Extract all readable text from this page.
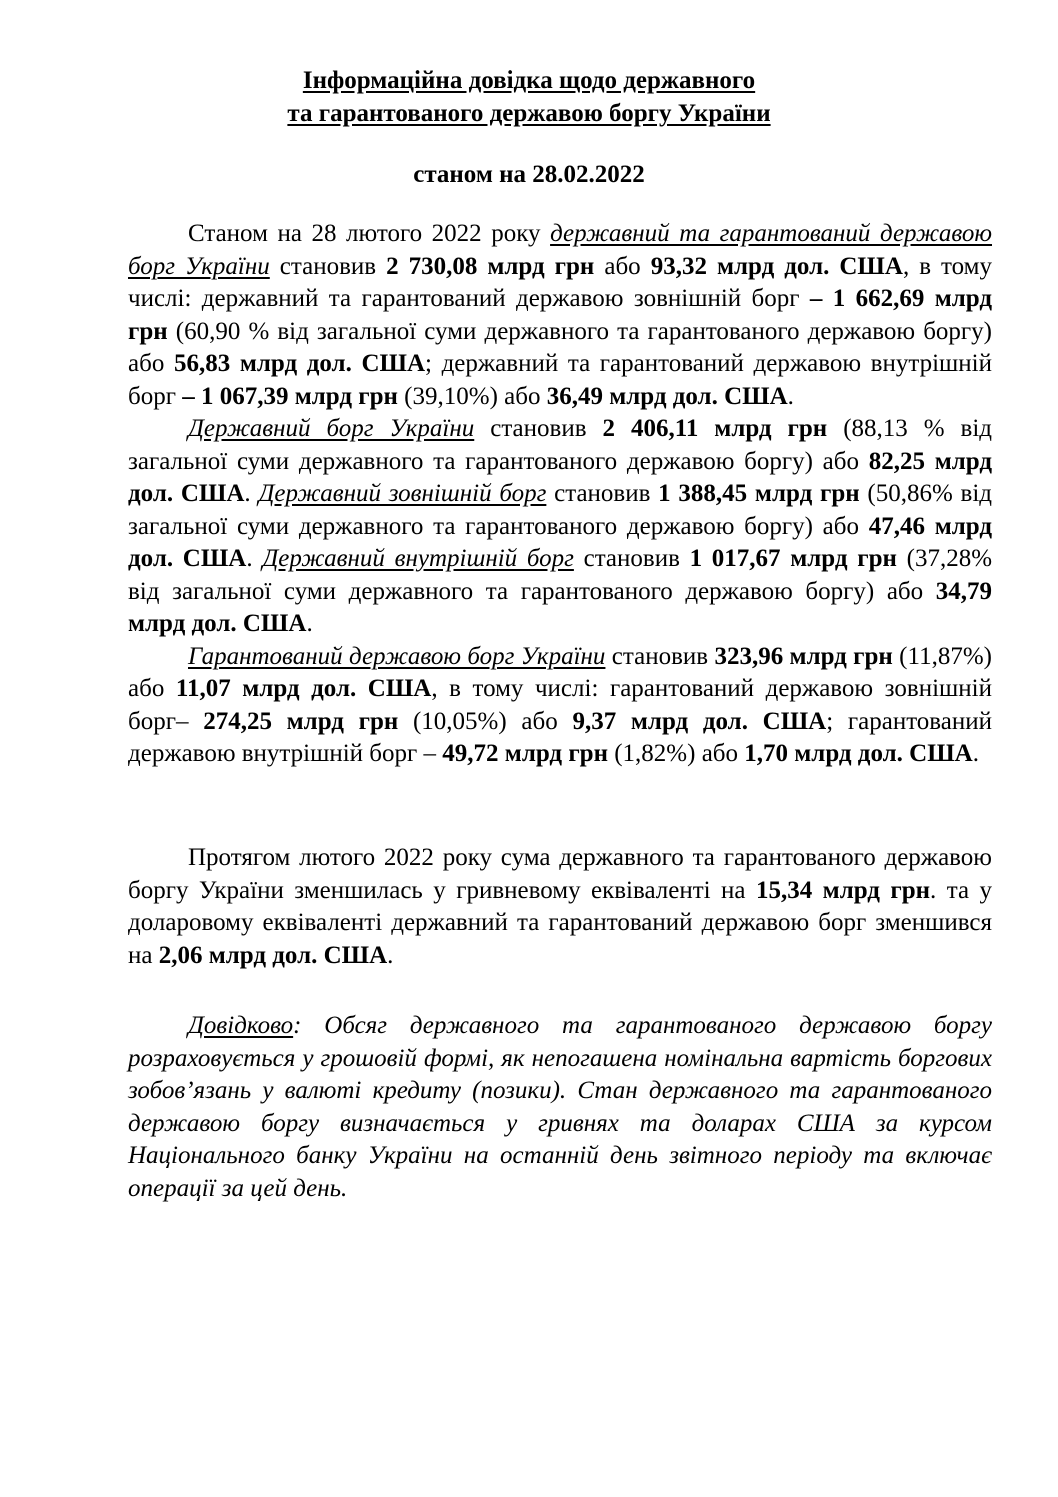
Інформаційна довідка щодо державного
та гарантованого державою боргу України
станом на 28.02.2022

Станом на 28 лютого 2022 року державний та гарантований державою борг України становив 2 730,08 млрд грн або 93,32 млрд дол. США, в тому числі: державний та гарантований державою зовнішній борг – 1 662,69 млрд грн (60,90 % від загальної суми державного та гарантованого державою боргу) або 56,83 млрд дол. США; державний та гарантований державою внутрішній борг – 1 067,39 млрд грн (39,10%) або 36,49 млрд дол. США.

Державний борг України становив 2 406,11 млрд грн (88,13 % від загальної суми державного та гарантованого державою боргу) або 82,25 млрд дол. США. Державний зовнішній борг становив 1 388,45 млрд грн (50,86% від загальної суми державного та гарантованого державою боргу) або 47,46 млрд дол. США. Державний внутрішній борг становив 1 017,67 млрд грн (37,28% від загальної суми державного та гарантованого державою боргу) або 34,79 млрд дол. США.

Гарантований державою борг України становив 323,96 млрд грн (11,87%) або 11,07 млрд дол. США, в тому числі: гарантований державою зовнішній борг– 274,25 млрд грн (10,05%) або 9,37 млрд дол. США; гарантований державою внутрішній борг – 49,72 млрд грн (1,82%) або 1,70 млрд дол. США.

Протягом лютого 2022 року сума державного та гарантованого державою боргу України зменшилась у гривневому еквіваленті на 15,34 млрд грн. та у доларовому еквіваленті державний та гарантований державою борг зменшився на 2,06 млрд дол. США.

Довідково: Обсяг державного та гарантованого державою боргу розраховується у грошовій формі, як непогашена номінальна вартість боргових зобов’язань у валюті кредиту (позики). Стан державного та гарантованого державою боргу визначається у гривнях та доларах США за курсом Національного банку України на останній день звітного періоду та включає операції за цей день.
